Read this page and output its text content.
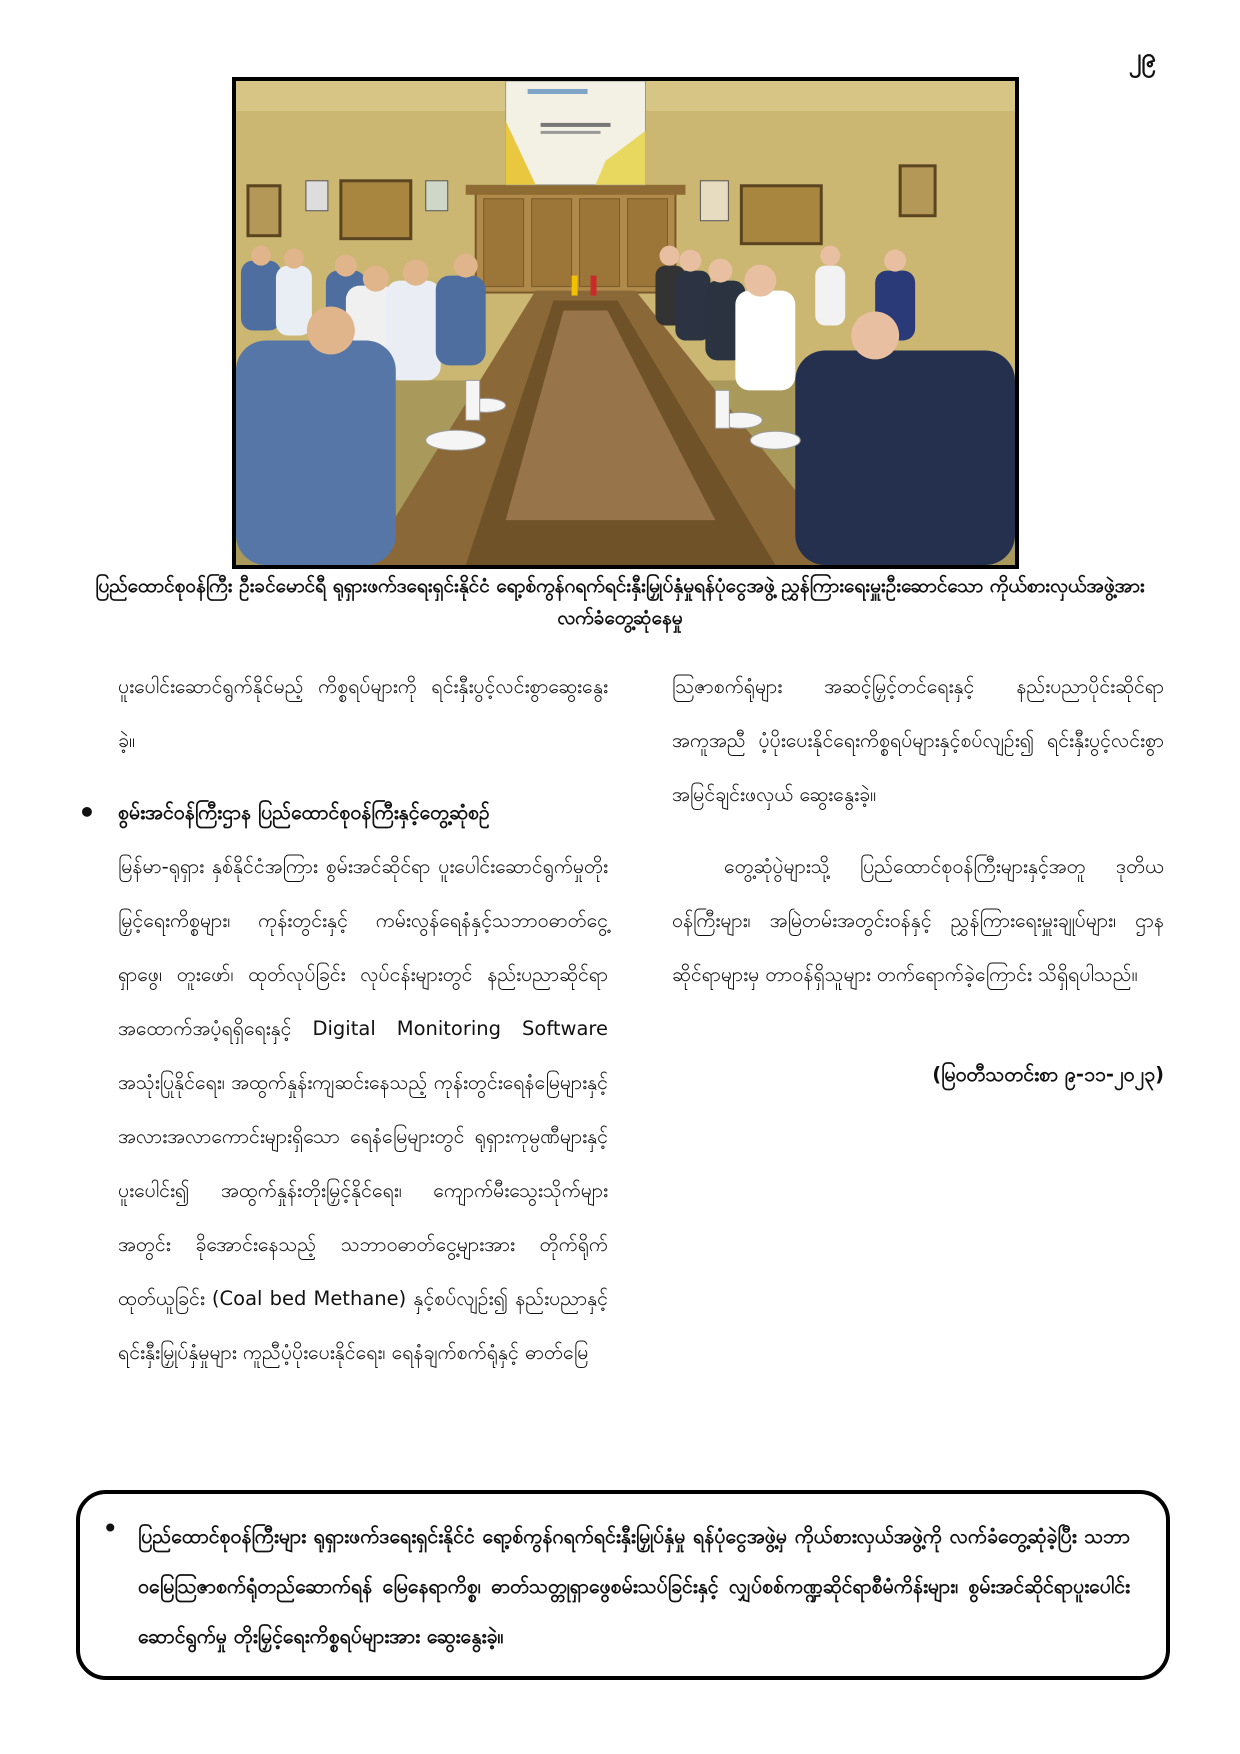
၂၉
ပြည်ထောင်စုဝန်ကြီး ဦးခင်မောင်ရီ ရုရှားဖက်ဒရေးရှင်းနိုင်ငံ ရော့စ်ကွန်ဂရက်ရင်းနှီးမြှုပ်နှံမှုရန်ပုံငွေအဖွဲ့ ညွှန်ကြားရေးမှူးဦးဆောင်သော ကိုယ်စားလှယ်အဖွဲ့အား လက်ခံတွေ့ဆုံနေမှု

ပူးပေါင်းဆောင်ရွက်နိုင်မည့် ကိစ္စရပ်များကို ရင်းနှီးပွင့်လင်းစွာဆွေးနွေးခဲ့။

• စွမ်းအင်ဝန်ကြီးဌာန ပြည်ထောင်စုဝန်ကြီးနှင့်တွေ့ဆုံစဉ်

မြန်မာ-ရုရှား နှစ်နိုင်ငံအကြား စွမ်းအင်ဆိုင်ရာ ပူးပေါင်းဆောင်ရွက်မှုတိုးမြှင့်ရေးကိစ္စများ၊ ကုန်းတွင်းနှင့် ကမ်းလွန်ရေနံနှင့်သဘာဝဓာတ်ငွေ့ ရှာဖွေ၊ တူးဖော်၊ ထုတ်လုပ်ခြင်း လုပ်ငန်းများတွင် နည်းပညာဆိုင်ရာအထောက်အပံ့ရရှိရေးနှင့် Digital Monitoring Software အသုံးပြုနိုင်ရေး၊ အထွက်နှုန်းကျဆင်းနေသည့် ကုန်းတွင်းရေနံမြေများနှင့် အလားအလာကောင်းများရှိသော ရေနံမြေများတွင် ရုရှားကုမ္ပဏီများနှင့်ပူးပေါင်း၍ အထွက်နှုန်းတိုးမြှင့်နိုင်ရေး၊ ကျောက်မီးသွေးသိုက်များအတွင်း ခိုအောင်းနေသည့် သဘာဝဓာတ်ငွေ့များအား တိုက်ရိုက်ထုတ်ယူခြင်း (Coal bed Methane) နှင့်စပ်လျဉ်း၍ နည်းပညာနှင့် ရင်းနှီးမြှုပ်နှံမှုများ ကူညီပံ့ပိုးပေးနိုင်ရေး၊ ရေနံချက်စက်ရုံနှင့် ဓာတ်မြေ

သြဇာစက်ရုံများ အဆင့်မြှင့်တင်ရေးနှင့် နည်းပညာပိုင်းဆိုင်ရာအကူအညီ ပံ့ပိုးပေးနိုင်ရေးကိစ္စရပ်များနှင့်စပ်လျဉ်း၍ ရင်းနှီးပွင့်လင်းစွာ အမြင်ချင်းဖလှယ် ဆွေးနွေးခဲ့။

တွေ့ဆုံပွဲများသို့ ပြည်ထောင်စုဝန်ကြီးများနှင့်အတူ ဒုတိယဝန်ကြီးများ၊ အမြဲတမ်းအတွင်းဝန်နှင့် ညွှန်ကြားရေးမှူးချုပ်များ၊ ဌာနဆိုင်ရာများမှ တာဝန်ရှိသူများ တက်ရောက်ခဲ့ကြောင်း သိရှိရပါသည်။

(မြဝတီသတင်းစာ ၉-၁၁-၂၀၂၃)

• ပြည်ထောင်စုဝန်ကြီးများ ရုရှားဖက်ဒရေးရှင်းနိုင်ငံ ရော့စ်ကွန်ဂရက်ရင်းနှီးမြှုပ်နှံမှု ရန်ပုံငွေအဖွဲ့မှ ကိုယ်စားလှယ်အဖွဲ့ကို လက်ခံတွေ့ဆုံခဲ့ပြီး သဘာဝမြေသြဇာစက်ရုံတည်ဆောက်ရန် မြေနေရာကိစ္စ၊ ဓာတ်သတ္တုရှာဖွေစမ်းသပ်ခြင်းနှင့် လျှပ်စစ်ကဏ္ဍဆိုင်ရာစီမံကိန်းများ၊ စွမ်းအင်ဆိုင်ရာပူးပေါင်းဆောင်ရွက်မှု တိုးမြှင့်ရေးကိစ္စရပ်များအား ဆွေးနွေးခဲ့။
